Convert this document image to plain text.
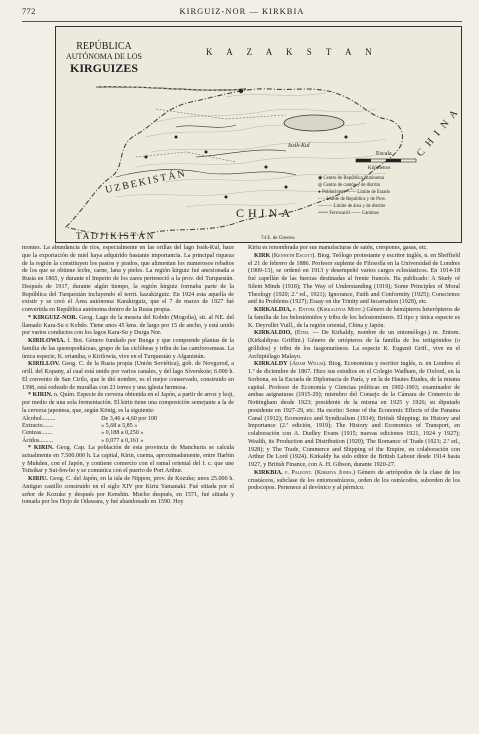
772	KIRGUIZ-NOR — KIRKBIA
REPÚBLICA
AUTÓNOMA DE LOS
KIRGUIZES
K A Z A K S T A N
Issik-Kul
UZBEKISTÁN
TADJIKISTÁN
CHINA
C H I N A
Escala
Kilómetros
◉ Centro de República Autónoma
◎ Centro de cantón y de distrito
● Poblaciones —— Límite de Estado
- - - Límite de República y de Prov.
——— Límite de área y de distrito
═══ Ferrocarril —— Caminos
74 E. de Greenw.

montes. La abundancia de ríos, especialmente en las orillas del lago Issik-Kul, hace que la exportación de miel haya adquirido bastante importancia. La principal riqueza de la región la constituyen los pastos y prados, que alimentan los numerosos rebaños de los que se obtiene leche, carne, lana y pieles. La región kirguiz fué anexionada a Rusia en 1865, y durante el Imperio de los zares perteneció a la prov. del Turquestán. Después de 1917, durante algún tiempo, la región kirguiz formaba parte de la República del Turquestán incluyendo el territ. kazakizguiz. En 1924 esta aquella de existir y se creó el Área autónoma Karakirguiz, que el 7 de marzo de 1927 fué convertida en República autónoma dentro de la Rusia propia.

* KIRGUIZ-NOR. Geog. Lago de la meseta del Kobdo (Mogolia), sit. al NE. del llamado Kara-Su o Kobdo. Tiene unos 45 kms. de largo por 15 de ancho, y está unido por varios conductos con los lagos Kara-Su y Durga Nor.

KIRILOWIA. f. Bot. Género fundado por Bunge y que comprende plantas de la familia de las quenopodiáceas, grupo de las ciclóbeas y tribu de las camforosmeas. La única especie, K. eriantha, o Kirilowia, vive en el Turquestán y Afganistán.

KIRILLOV. Geog. C. de la Rusia propia (Unión Soviética), gob. de Novgorod, a orill. del Kopany, al cual está unido por varios canales, y del lago Síverskoie; 6.000 h. El convento de San Cirilo, que le dió nombre, es el mejor conservado, construido en 1398, está rodeado de murallas con 23 torres y una iglesia hermosa.

* KIRIN. n. Quím. Especie de cerveza obtenida en el Japón, a partir de arroz y koji, por medio de una sola fermentación. El kirin tiene una composición semejante a la de la cerveza japonesa, que, según König, es la siguiente:

Alcohol.........	De 3,46 a 4,60 por 100
Extracto.......	» 5,68 a 5,85 »
Cenizas.......	» 0,188 a 0,250 »
Ácidos.........	» 0,077 a 0,161 »

* KIRIN. Geog. Cap. La población de esta provincia de Manchuria se calcula actualmente en 7.500.000 h. La capital, Kirin, cuenta, aproximadamente, entre Harbin y Mukden, con el Japón, y contiene comercio con el ramal oriental del f. c. que une Tsitsikar y Sui-fen-ho y se comunica con el puerto de Port Arthur.

KIRIU. Geog. C. del Japón, en la isla de Nippon, prov. de Kozuke; unos 25.000 h. Antiguo castillo construido en el siglo XIV por Kiriu Yamanaki. Fué sitiada por el señor de Kozuke y después por Kenshin. Mucho después, en 1571, fué sitiada y tomada por los Hojo de Odawara, y fué abandonado en 1590. Hoy

Kiriu es renombrada por sus manufacturas de satén, crespones, gasas, etc.

KIRK (Kenneth Escott). Biog. Teólogo protestante y escritor inglés, n. en Sheffield el 21 de febrero de 1886. Profesor suplente de Filosofía en la Universidad de Londres (1909-13), se ordenó en 1913 y desempeñó varios cargos eclesiásticos. En 1914-18 fué capellán de las fuerzas destinadas al frente francés. Ha publicado: A Study of Silent Minds (1918); The Way of Understanding (1919); Some Principles of Moral Theology (1920; 2.ª ed., 1921); Ignorance, Faith and Conformity (1925); Conscience and its Problems (1927); Essay on the Trinity and Incarnation (1928), etc.

KIRKALDIA, f. Entom. (Kirkaldyia Mont.) Género de hemípteros heterópteros de la familia de los belostómidos y tribu de los belostomíneos. El tipo y única especie es K. Deyrollei Vuill., de la región oriental, China y Japón.

KIRKALDIO, (Etim. — De Kirkaldy, nombre de un entomólogo.) m. Entom. (Kirkaldiyus Griffini.) Género de ortópteros de la familia de los tettigónidos (o grillidos) y tribu de los fasgonuríneos. La especie K. Eugenii Griff., vive en el Archipiélago Malayo.

KIRKALDY (Adam Willis). Biog. Economista y escritor inglés, n. en Londres el 1.º de diciembre de 1867. Hizo sus estudios en el Colegio Wadham, de Oxford, en la Sorbona, en la Escuela de Diplomacia de París, y en la de Hautes Études, de la misma capital. Profesor de Economía y Ciencias políticas en 1902-1903; examinador de ambas asignaturas (1915-29); miembro del Consejo de la Cámara de Comercio de Nottingham desde 1923; presidente de la misma en 1925 y 1926; su diputado presidente en 1927-29, etc. Ha escrito: Some of the Economic Effects of the Panama Canal (1912); Economics and Syndicalism (1914); British Shipping: its History and Importance (2.ª edición, 1919); The History and Economics of Transport, en colaboración con A. Dudley Evans (1915; nuevas ediciones 1921, 1924 y 1927); Wealth, its Production and Distribution (1920); The Romance of Trade (1923; 2.ª ed., 1928); y The Trade, Commerce and Shipping of the Empire, en colaboración con Arthur De Lord (1924). Kirkaldy ha sido editor de British Labour desde 1914 hasta 1927, y British Finance, con A. H. Gibson, durante 1920-27.

KIRKBIA. f. Paleont. (Kirkbya Jones.) Género de artrópodos de la clase de los crustáceos, subclase de los entomostráceos, orden de los ostrácodos, suborden de los podocopos. Pertenece al devónico y al pérmico.
